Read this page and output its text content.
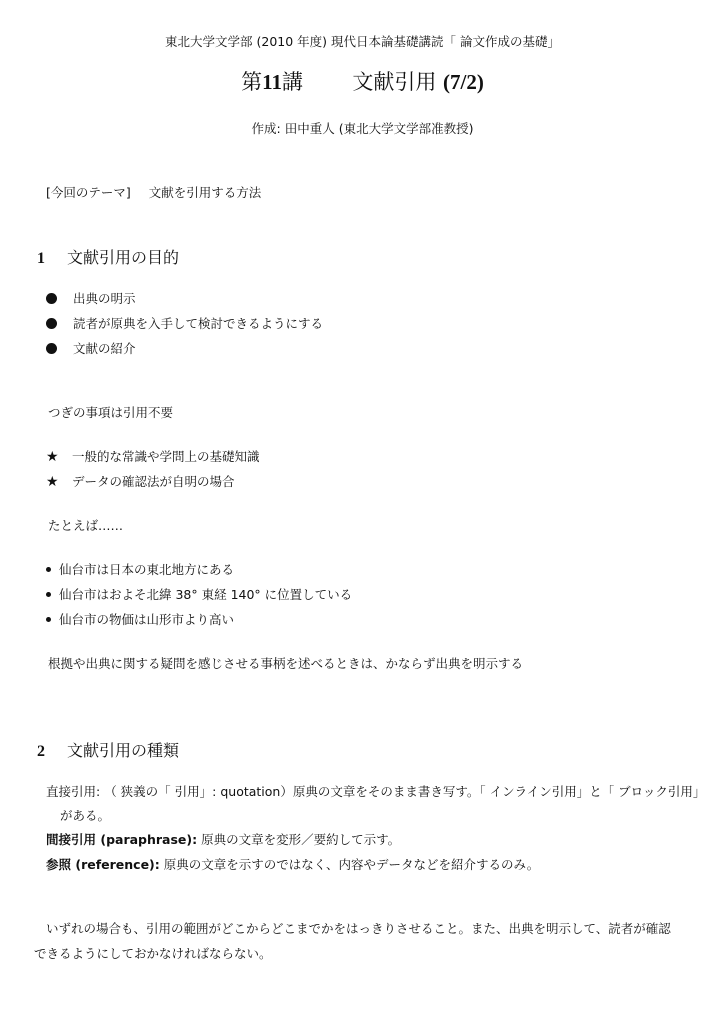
東北大学文学部 (2010 年度) 現代日本論基礎講読「 論文作成の基礎」
第11講 文献引用 (7/2)
作成: 田中重人 (東北大学文学部准教授)
[今回のテーマ] 文献を引用する方法
1 文献引用の目的
出典の明示
読者が原典を入手して検討できるようにする
文献の紹介
つぎの事項は引用不要
★ 一般的な常識や学問上の基礎知識
★ データの確認法が自明の場合
たとえば……
仙台市は日本の東北地方にある
仙台市はおよそ北緯 38° 東経 140° に位置している
仙台市の物価は山形市より高い
根拠や出典に関する疑問を感じさせる事柄を述べるときは、かならず出典を明示する
2 文献引用の種類
直接引用: （ 狭義の「 引用」: quotation）原典の文章をそのまま書き写す。「 インライン引用」と「 ブロック引用」
がある。
間接引用 (paraphrase): 原典の文章を変形／要約して示す。
参照 (reference): 原典の文章を示すのではなく、内容やデータなどを紹介するのみ。
いずれの場合も、引用の範囲がどこからどこまでかをはっきりさせること。また、出典を明示して、読者が確認
できるようにしておかなければならない。
